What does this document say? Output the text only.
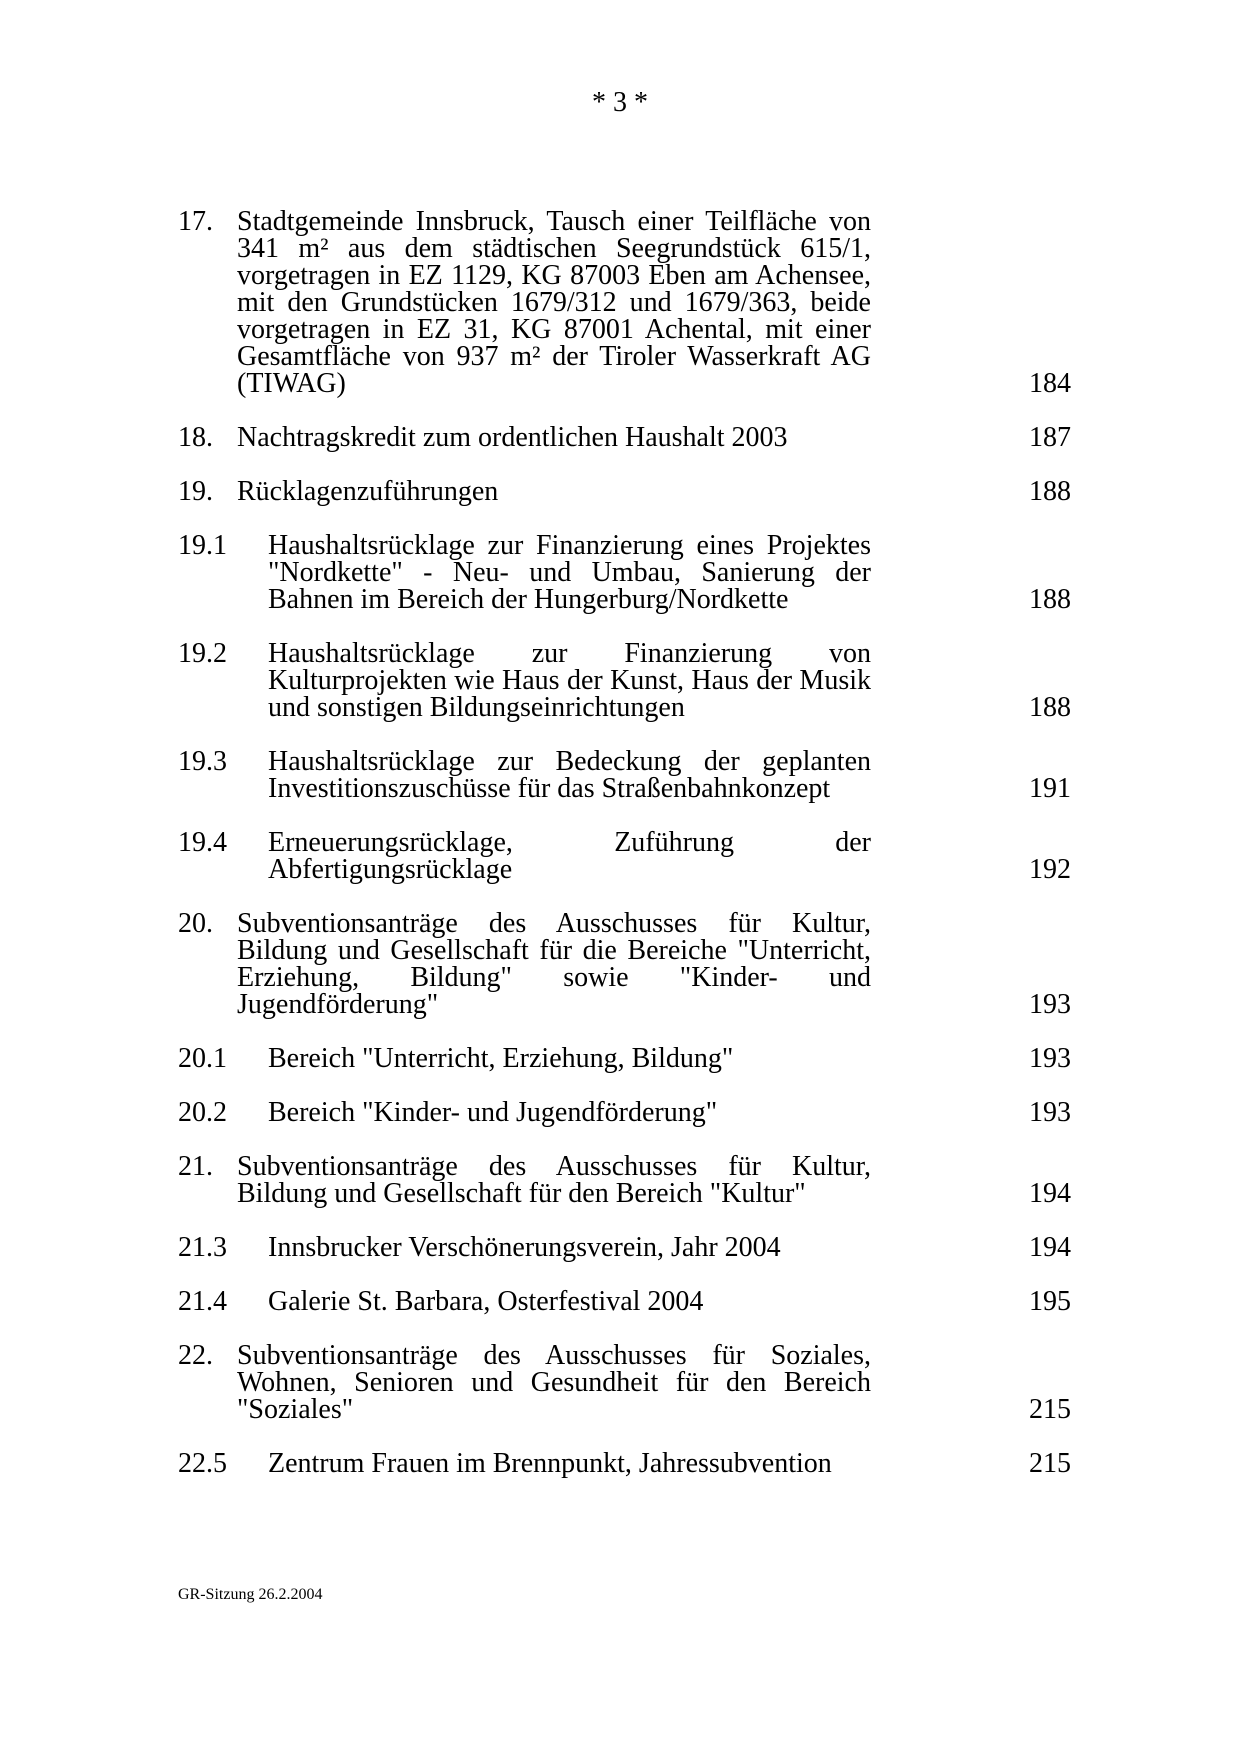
* 3 *
17. Stadtgemeinde Innsbruck, Tausch einer Teilfläche von 341 m² aus dem städtischen Seegrundstück 615/1, vorgetragen in EZ 1129, KG 87003 Eben am Achensee, mit den Grundstücken 1679/312 und 1679/363, beide vorgetragen in EZ 31, KG 87001 Achental, mit einer Gesamtfläche von 937 m² der Tiroler Wasserkraft AG (TIWAG)	184
18. Nachtragskredit zum ordentlichen Haushalt 2003	187
19. Rücklagenzuführungen	188
19.1	Haushaltsrücklage zur Finanzierung eines Projektes "Nordkette" - Neu- und Umbau, Sanierung der Bahnen im Bereich der Hungerburg/Nordkette	188
19.2	Haushaltsrücklage zur Finanzierung von Kulturprojekten wie Haus der Kunst, Haus der Musik und sonstigen Bildungseinrichtungen	188
19.3	Haushaltsrücklage zur Bedeckung der geplanten Investitionszuschüsse für das Straßenbahnkonzept	191
19.4	Erneuerungsrücklage, Zuführung der Abfertigungsrücklage	192
20. Subventionsanträge des Ausschusses für Kultur, Bildung und Gesellschaft für die Bereiche "Unterricht, Erziehung, Bildung" sowie "Kinder- und Jugendförderung"	193
20.1	Bereich "Unterricht, Erziehung, Bildung"	193
20.2	Bereich "Kinder- und Jugendförderung"	193
21. Subventionsanträge des Ausschusses für Kultur, Bildung und Gesellschaft für den Bereich "Kultur"	194
21.3	Innsbrucker Verschönerungsverein, Jahr 2004	194
21.4	Galerie St. Barbara, Osterfestival 2004	195
22. Subventionsanträge des Ausschusses für Soziales, Wohnen, Senioren und Gesundheit für den Bereich "Soziales"	215
22.5	Zentrum Frauen im Brennpunkt, Jahressubvention	215
GR-Sitzung 26.2.2004
